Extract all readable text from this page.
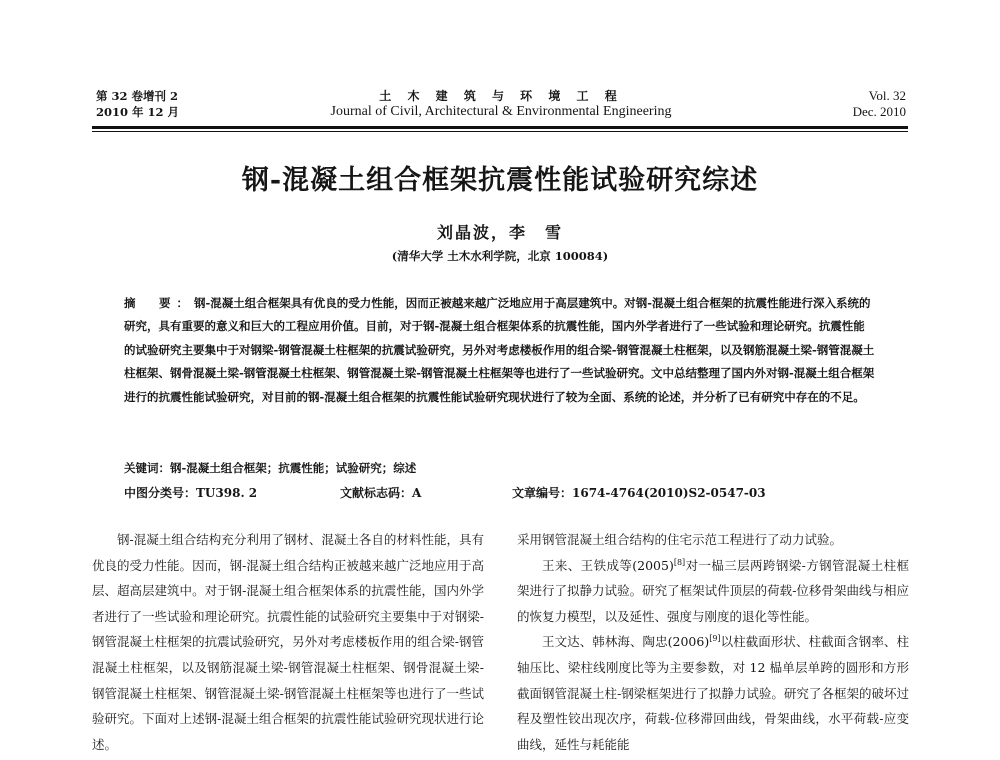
第 32 卷增刊 2
2010 年 12 月
土 木 建 筑 与 环 境 工 程
Journal of Civil, Architectural & Environmental Engineering
Vol. 32
Dec. 2010
钢-混凝土组合框架抗震性能试验研究综述
刘晶波，李　雪
(清华大学 土木水利学院，北京 100084)
摘　要：钢-混凝土组合框架具有优良的受力性能，因而正被越来越广泛地应用于高层建筑中。对钢-混凝土组合框架的抗震性能进行深入系统的研究，具有重要的意义和巨大的工程应用价值。目前，对于钢-混凝土组合框架体系的抗震性能，国内外学者进行了一些试验和理论研究。抗震性能的试验研究主要集中于对钢梁-钢管混凝土柱框架的抗震试验研究，另外对考虑楼板作用的组合梁-钢管混凝土柱框架，以及钢筋混凝土梁-钢管混凝土柱框架、钢骨混凝土梁-钢管混凝土柱框架、钢管混凝土梁-钢管混凝土柱框架等也进行了一些试验研究。文中总结整理了国内外对钢-混凝土组合框架进行的抗震性能试验研究，对目前的钢-混凝土组合框架的抗震性能试验研究现状进行了较为全面、系统的论述，并分析了已有研究中存在的不足。
关键词：钢-混凝土组合框架；抗震性能；试验研究；综述
中图分类号：TU398. 2	文献标志码：A	文章编号：1674-4764(2010)S2-0547-03

钢-混凝土组合结构充分利用了钢材、混凝土各自的材料性能，具有优良的受力性能。因而，钢-混凝土组合结构正被越来越广泛地应用于高层、超高层建筑中。对于钢-混凝土组合框架体系的抗震性能，国内外学者进行了一些试验和理论研究。抗震性能的试验研究主要集中于对钢梁-钢管混凝土柱框架的抗震试验研究，另外对考虑楼板作用的组合梁-钢管混凝土柱框架，以及钢筋混凝土梁-钢管混凝土柱框架、钢骨混凝土梁-钢管混凝土柱框架、钢管混凝土梁-钢管混凝土柱框架等也进行了一些试验研究。下面对上述钢-混凝土组合框架的抗震性能试验研究现状进行论述。

采用钢管混凝土组合结构的住宅示范工程进行了动力试验。

王来、王铁成等(2005)[8]对一榀三层两跨钢梁-方钢管混凝土柱框架进行了拟静力试验。研究了框架试件顶层的荷载-位移骨架曲线与相应的恢复力模型，以及延性、强度与刚度的退化等性能。

王文达、韩林海、陶忠(2006)[9]以柱截面形状、柱截面含钢率、柱轴压比、梁柱线刚度比等为主要参数，对 12 榀单层单跨的圆形和方形截面钢管混凝土柱-钢梁框架进行了拟静力试验。研究了各框架的破坏过程及塑性铰出现次序，荷载-位移滞回曲线，骨架曲线，水平荷载-应变曲线，延性与耗能能
